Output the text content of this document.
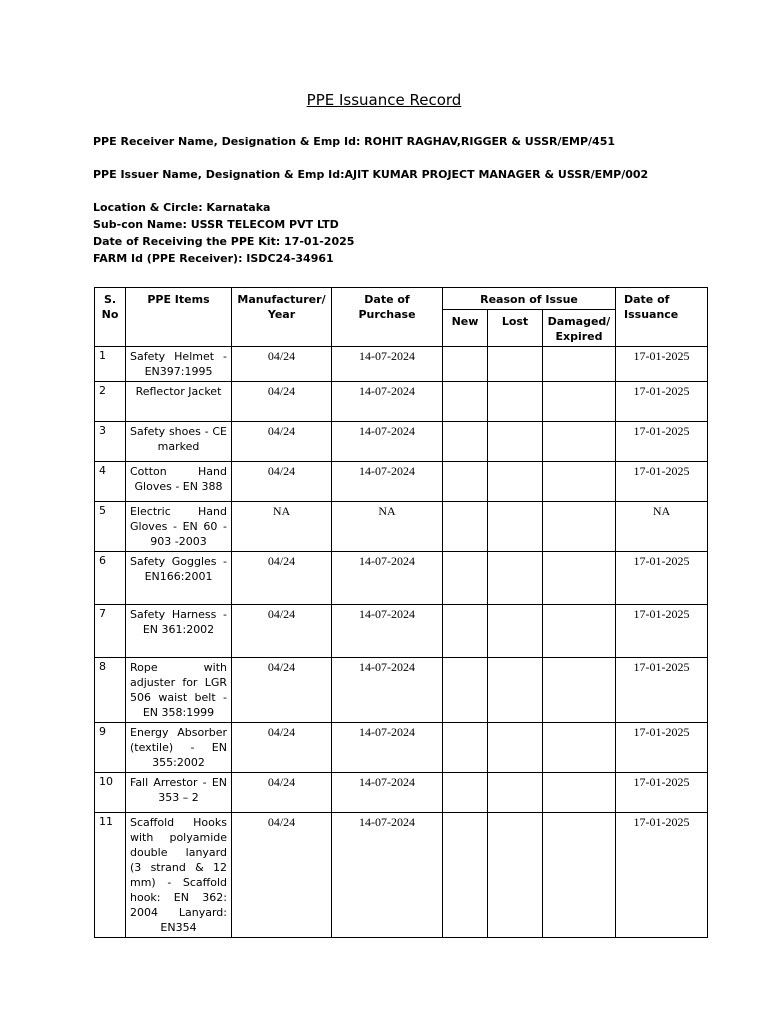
PPE Issuance Record
PPE Receiver Name, Designation & Emp Id: ROHIT RAGHAV,RIGGER & USSR/EMP/451
PPE Issuer Name, Designation & Emp Id:AJIT KUMAR PROJECT MANAGER & USSR/EMP/002
Location & Circle: Karnataka
Sub-con Name: USSR TELECOM PVT LTD
Date of Receiving the PPE Kit: 17-01-2025
FARM Id (PPE Receiver): ISDC24-34961
S. No	PPE Items	Manufacturer/ Year	Date of Purchase	Reason of Issue			Date of Issuance
				New	Lost	Damaged/ Expired	
1	Safety Helmet - EN397:1995	04/24	14-07-2024				17-01-2025
2	Reflector Jacket	04/24	14-07-2024				17-01-2025
3	Safety shoes - CE marked	04/24	14-07-2024				17-01-2025
4	Cotton Hand Gloves - EN 388	04/24	14-07-2024				17-01-2025
5	Electric Hand Gloves - EN 60 - 903 -2003	NA	NA				NA
6	Safety Goggles - EN166:2001	04/24	14-07-2024				17-01-2025
7	Safety Harness - EN 361:2002	04/24	14-07-2024				17-01-2025
8	Rope with adjuster for LGR 506 waist belt - EN 358:1999	04/24	14-07-2024				17-01-2025
9	Energy Absorber (textile) - EN 355:2002	04/24	14-07-2024				17-01-2025
10	Fall Arrestor - EN 353 – 2	04/24	14-07-2024				17-01-2025
11	Scaffold Hooks with polyamide double lanyard (3 strand & 12 mm) - Scaffold hook: EN 362: 2004 Lanyard: EN354	04/24	14-07-2024				17-01-2025
